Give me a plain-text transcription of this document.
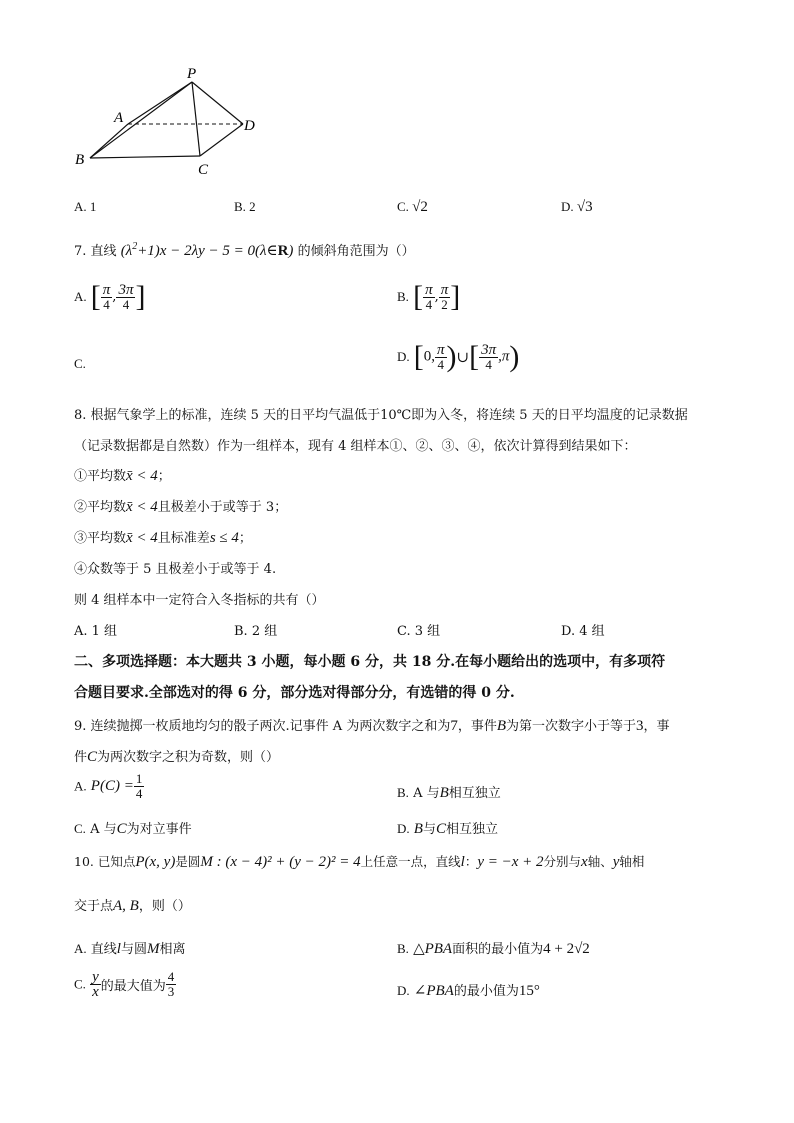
P
A	D
B
C
A. 1	B. 2	C. √2	D. √3
7. 直线 $(\lambda^2+1)x - 2\lambda y - 5$ = 0(λ∈R) 的倾斜角范围为（）
A. [ $\frac{\pi}{4}$ , $\frac{3\pi}{4}$ ]	B. [ $\frac{\pi}{4}$ , $\frac{\pi}{2}$ ]
C.	D. [0, $\frac{\pi}{4}$ )∪[ $\frac{3\pi}{4} ,\pi$)
8. 根据气象学上的标准，连续 5 天的日平均气温低于10℃即为入冬，将连续 5 天的日平均温度的记录数据
（记录数据都是自然数）作为一组样本，现有 4 组样本①、②、③、④，依次计算得到结果如下：
①平均数x̄ < 4；
②平均数x̄ < 4且极差小于或等于 3；
③平均数x̄ < 4且标准差s ≤ 4；
④众数等于 5 且极差小于或等于 4.
则 4 组样本中一定符合入冬指标的共有（）
A. 1 组	B. 2 组	C. 3 组	D. 4 组
二、多项选择题：本大题共 3 小题，每小题 6 分，共 18 分.在每小题给出的选项中，有多项符
合题目要求.全部选对的得 6 分，部分选对得部分分，有选错的得 0 分.
9. 连续抛掷一枚质地均匀的骰子两次.记事件 A 为两次数字之和为7，事件B为第一次数字小于等于3，事
件C为两次数字之积为奇数，则（）
A. $P(C) = \frac{1}{4}$	B. A 与B相互独立
C. A 与C为对立事件	D. B与C相互独立
10. 已知点P(x, y)是圆M : (x − 4)² + (y − 2)² = 4上任意一点，直线l：y = −x + 2分别与x轴、y轴相
交于点A, B，则（）
A. 直线l与圆M相离	B. △PBA面积的最小值为4 + 2√2
C. $\frac{y}{x}$ 的最大值为 $\frac{4}{3}$	D. ∠PBA的最小值为15°
